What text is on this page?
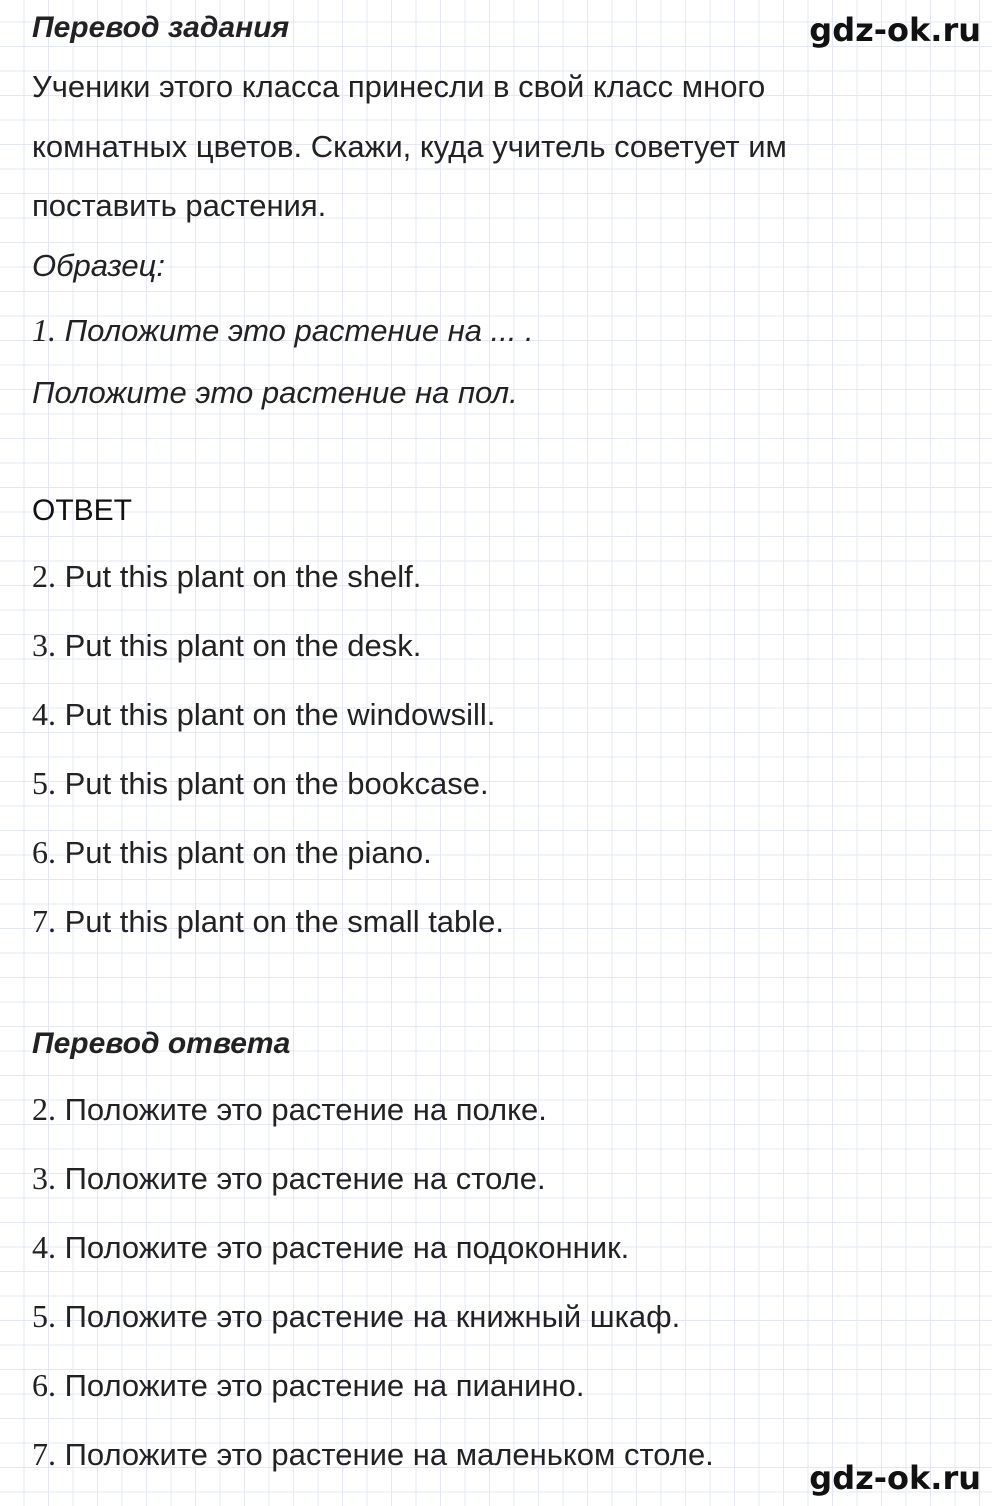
gdz-ok.ru
gdz-ok.ru
Перевод задания
Ученики этого класса принесли в свой класс много
комнатных цветов. Скажи, куда учитель советует им
поставить растения.
Образец:
1. Положите это растение на ... .
Положите это растение на пол.
ОТВЕТ
2. Put this plant on the shelf.
3. Put this plant on the desk.
4. Put this plant on the windowsill.
5. Put this plant on the bookcase.
6. Put this plant on the piano.
7. Put this plant on the small table.
Перевод ответа
2. Положите это растение на полке.
3. Положите это растение на столе.
4. Положите это растение на подоконник.
5. Положите это растение на книжный шкаф.
6. Положите это растение на пианино.
7. Положите это растение на маленьком столе.
